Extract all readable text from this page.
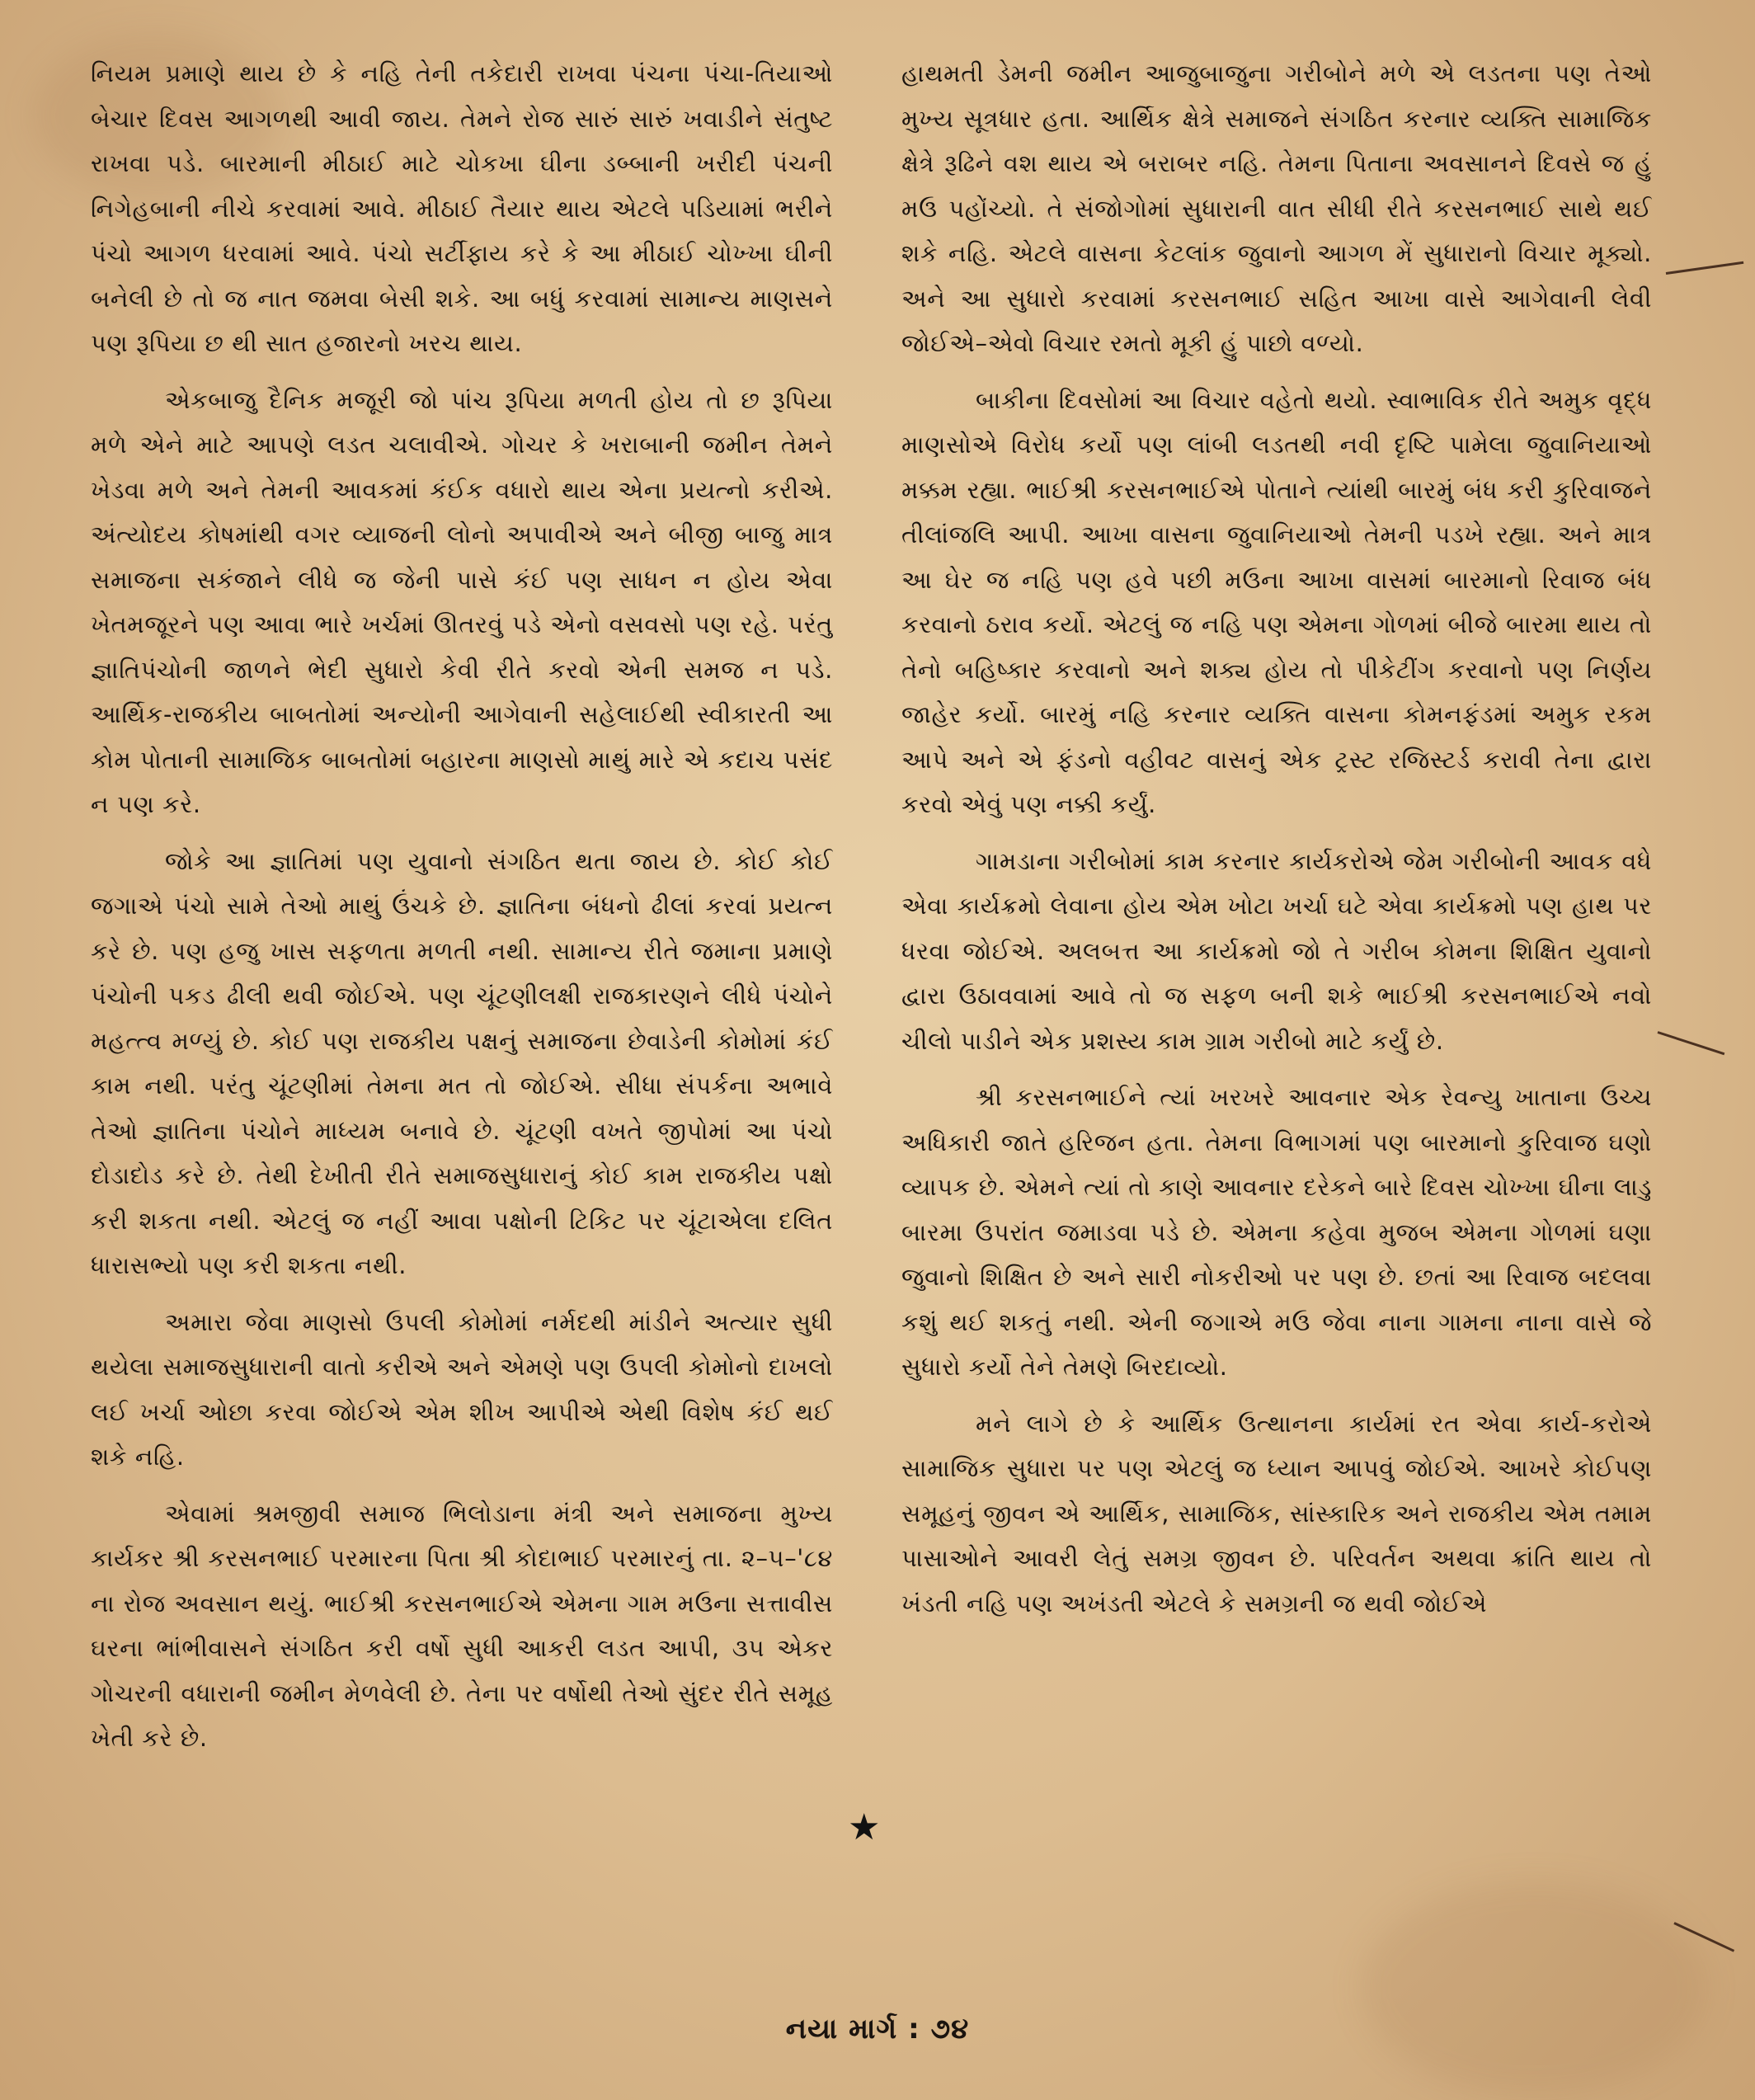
નિયમ પ્રમાણે થાય છે કે નહિ તેની તકેદારી રાખવા પંચના પંચા-તિયાઓ બેચાર દિવસ આગળથી આવી જાય. તેમને રોજ સારું સારું ખવાડીને સંતુષ્ટ રાખવા પડે. બારમાની મીઠાઈ માટે ચોકખા ઘીના ડબ્બાની ખરીદી પંચની નિગેહબાની નીચે કરવામાં આવે. મીઠાઈ તૈયાર થાય એટલે પડિયામાં ભરીને પંચો આગળ ધરવામાં આવે. પંચો સર્ટીફાય કરે કે આ મીઠાઈ ચોખ્ખા ઘીની બનેલી છે તો જ નાત જમવા બેસી શકે. આ બધું કરવામાં સામાન્ય માણસને પણ રૂપિયા છ થી સાત હજારનો ખરચ થાય.

એકબાજુ દૈનિક મજૂરી જો પાંચ રૂપિયા મળતી હોય તો છ રૂપિયા મળે એને માટે આપણે લડત ચલાવીએ. ગોચર કે ખરાબાની જમીન તેમને ખેડવા મળે અને તેમની આવકમાં કંઈક વધારો થાય એના પ્રયત્નો કરીએ. અંત્યોદય કોષમાંથી વગર વ્યાજની લોનો અપાવીએ અને બીજી બાજુ માત્ર સમાજના સકંજાને લીધે જ જેની પાસે કંઈ પણ સાધન ન હોય એવા ખેતમજૂરને પણ આવા ભારે ખર્ચમાં ઊતરવું પડે એનો વસવસો પણ રહે. પરંતુ જ્ઞાતિપંચોની જાળને ભેદી સુધારો કેવી રીતે કરવો એની સમજ ન પડે. આર્થિક-રાજકીય બાબતોમાં અન્યોની આગેવાની સહેલાઈથી સ્વીકારતી આ કોમ પોતાની સામાજિક બાબતોમાં બહારના માણસો માથું મારે એ કદાચ પસંદ ન પણ કરે.

જોકે આ જ્ઞાતિમાં પણ યુવાનો સંગઠિત થતા જાય છે. કોઈ કોઈ જગાએ પંચો સામે તેઓ માથું ઉંચકે છે. જ્ઞાતિના બંધનો ઢીલાં કરવાં પ્રયત્ન કરે છે. પણ હજુ ખાસ સફળતા મળતી નથી. સામાન્ય રીતે જમાના પ્રમાણે પંચોની પકડ ઢીલી થવી જોઈએ. પણ ચૂંટણીલક્ષી રાજકારણને લીધે પંચોને મહત્ત્વ મળ્યું છે. કોઈ પણ રાજકીય પક્ષનું સમાજના છેવાડેની કોમોમાં કંઈ કામ નથી. પરંતુ ચૂંટણીમાં તેમના મત તો જોઈએ. સીધા સંપર્કના અભાવે તેઓ જ્ઞાતિના પંચોને માધ્યમ બનાવે છે. ચૂંટણી વખતે જીપોમાં આ પંચો દોડાદોડ કરે છે. તેથી દેખીતી રીતે સમાજસુધારાનું કોઈ કામ રાજકીય પક્ષો કરી શકતા નથી. એટલું જ નહીં આવા પક્ષોની ટિકિટ પર ચૂંટાએલા દલિત ધારાસભ્યો પણ કરી શકતા નથી.

અમારા જેવા માણસો ઉપલી કોમોમાં નર્મદથી માંડીને અત્યાર સુધી થયેલા સમાજસુધારાની વાતો કરીએ અને એમણે પણ ઉપલી કોમોનો દાખલો લઈ ખર્ચા ઓછા કરવા જોઈએ એમ શીખ આપીએ એથી વિશેષ કંઈ થઈ શકે નહિ.

એવામાં શ્રમજીવી સમાજ ભિલોડાના મંત્રી અને સમાજના મુખ્ય કાર્યકર શ્રી કરસનભાઈ પરમારના પિતા શ્રી કોદાભાઈ પરમારનું તા. ૨–૫–'૮૪ ના રોજ અવસાન થયું. ભાઈશ્રી કરસનભાઈએ એમના ગામ મઉના સત્તાવીસ ઘરના ભાંભીવાસને સંગઠિત કરી વર્ષો સુધી આકરી લડત આપી, ૩૫ એકર ગોચરની વધારાની જમીન મેળવેલી છે. તેના પર વર્ષોથી તેઓ સુંદર રીતે સમૂહ ખેતી કરે છે.

હાથમતી ડેમની જમીન આજુબાજુના ગરીબોને મળે એ લડતના પણ તેઓ મુખ્ય સૂત્રધાર હતા. આર્થિક ક્ષેત્રે સમાજને સંગઠિત કરનાર વ્યક્તિ સામાજિક ક્ષેત્રે રૂઢિને વશ થાય એ બરાબર નહિ. તેમના પિતાના અવસાનને દિવસે જ હું મઉ પહોંચ્યો. તે સંજોગોમાં સુધારાની વાત સીધી રીતે કરસનભાઈ સાથે થઈ શકે નહિ. એટલે વાસના કેટલાંક જુવાનો આગળ મેં સુધારાનો વિચાર મૂક્યો. અને આ સુધારો કરવામાં કરસનભાઈ સહિત આખા વાસે આગેવાની લેવી જોઈએ–એવો વિચાર રમતો મૂકી હું પાછો વળ્યો.

બાકીના દિવસોમાં આ વિચાર વહેતો થયો. સ્વાભાવિક રીતે અમુક વૃદ્ધ માણસોએ વિરોધ કર્યો પણ લાંબી લડતથી નવી દૃષ્ટિ પામેલા જુવાનિયાઓ મક્કમ રહ્યા. ભાઈશ્રી કરસનભાઈએ પોતાને ત્યાંથી બારમું બંધ કરી કુરિવાજને તીલાંજલિ આપી. આખા વાસના જુવાનિયાઓ તેમની પડખે રહ્યા. અને માત્ર આ ઘેર જ નહિ પણ હવે પછી મઉના આખા વાસમાં બારમાનો રિવાજ બંધ કરવાનો ઠરાવ કર્યો. એટલું જ નહિ પણ એમના ગોળમાં બીજે બારમા થાય તો તેનો બહિષ્કાર કરવાનો અને શક્ય હોય તો પીકેટીંગ કરવાનો પણ નિર્ણય જાહેર કર્યો. બારમું નહિ કરનાર વ્યક્તિ વાસના કોમનફંડમાં અમુક રકમ આપે અને એ ફંડનો વહીવટ વાસનું એક ટ્રસ્ટ રજિસ્ટર્ડ કરાવી તેના દ્વારા કરવો એવું પણ નક્કી કર્યું.

ગામડાના ગરીબોમાં કામ કરનાર કાર્યકરોએ જેમ ગરીબોની આવક વધે એવા કાર્યક્રમો લેવાના હોય એમ ખોટા ખર્ચા ઘટે એવા કાર્યક્રમો પણ હાથ પર ધરવા જોઈએ. અલબત્ત આ કાર્યક્રમો જો તે ગરીબ કોમના શિક્ષિત યુવાનો દ્વારા ઉઠાવવામાં આવે તો જ સફળ બની શકે ભાઈશ્રી કરસનભાઈએ નવો ચીલો પાડીને એક પ્રશસ્ય કામ ગ્રામ ગરીબો માટે કર્યું છે.

શ્રી કરસનભાઈને ત્યાં ખરખરે આવનાર એક રેવન્યુ ખાતાના ઉચ્ચ અધિકારી જાતે હરિજન હતા. તેમના વિભાગમાં પણ બારમાનો કુરિવાજ ઘણો વ્યાપક છે. એમને ત્યાં તો કાણે આવનાર દરેકને બારે દિવસ ચોખ્ખા ઘીના લાડુ બારમા ઉપરાંત જમાડવા પડે છે. એમના કહેવા મુજબ એમના ગોળમાં ઘણા જુવાનો શિક્ષિત છે અને સારી નોકરીઓ પર પણ છે. છતાં આ રિવાજ બદલવા કશું થઈ શકતું નથી. એની જગાએ મઉ જેવા નાના ગામના નાના વાસે જે સુધારો કર્યો તેને તેમણે બિરદાવ્યો.

મને લાગે છે કે આર્થિક ઉત્થાનના કાર્યમાં રત એવા કાર્ય-કરોએ સામાજિક સુધારા પર પણ એટલું જ ધ્યાન આપવું જોઈએ. આખરે કોઈપણ સમૂહનું જીવન એ આર્થિક, સામાજિક, સાંસ્કારિક અને રાજકીય એમ તમામ પાસાઓને આવરી લેતું સમગ્ર જીવન છે. પરિવર્તન અથવા ક્રાંતિ થાય તો ખંડતી નહિ પણ અખંડતી એટલે કે સમગ્રની જ થવી જોઈએ

★
નયા માર્ગ : ૭૪
